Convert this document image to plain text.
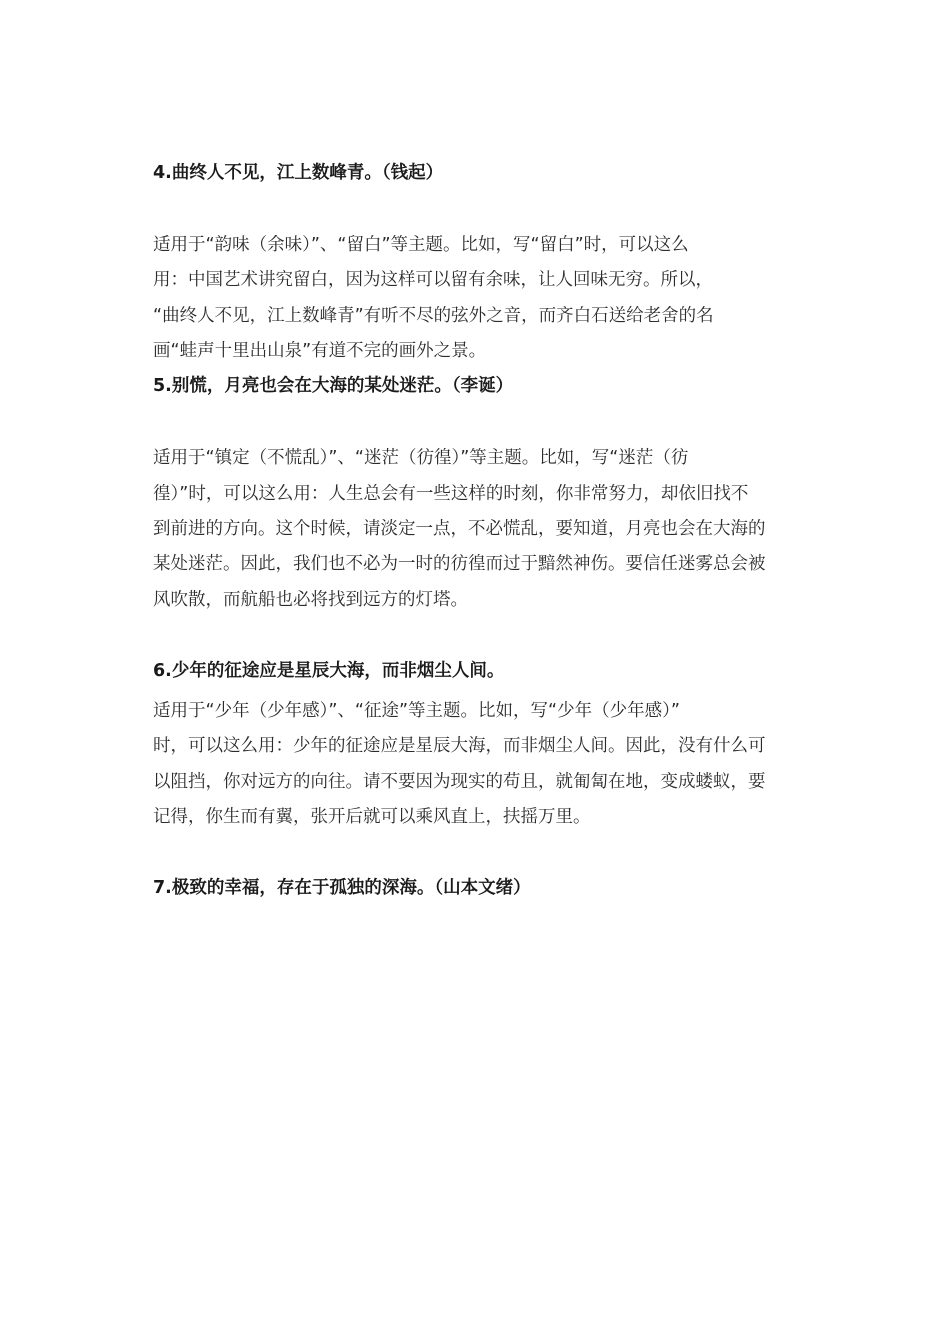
4.曲终人不见，江上数峰青。（钱起）
适用于“韵味（余味）”、“留白”等主题。比如，写“留白”时，可以这么
用：中国艺术讲究留白，因为这样可以留有余味，让人回味无穷。所以，
“曲终人不见，江上数峰青”有听不尽的弦外之音，而齐白石送给老舍的名
画“蛙声十里出山泉”有道不完的画外之景。
5.别慌，月亮也会在大海的某处迷茫。（李诞）
适用于“镇定（不慌乱）”、“迷茫（彷徨）”等主题。比如，写“迷茫（彷
徨）”时，可以这么用：人生总会有一些这样的时刻，你非常努力，却依旧找不
到前进的方向。这个时候，请淡定一点，不必慌乱，要知道，月亮也会在大海的
某处迷茫。因此，我们也不必为一时的彷徨而过于黯然神伤。要信任迷雾总会被
风吹散，而航船也必将找到远方的灯塔。
6.少年的征途应是星辰大海，而非烟尘人间。
适用于“少年（少年感）”、“征途”等主题。比如，写“少年（少年感）”
时，可以这么用：少年的征途应是星辰大海，而非烟尘人间。因此，没有什么可
以阻挡，你对远方的向往。请不要因为现实的苟且，就匍匐在地，变成蝼蚁，要
记得，你生而有翼，张开后就可以乘风直上，扶摇万里。
7.极致的幸福，存在于孤独的深海。（山本文绪）
